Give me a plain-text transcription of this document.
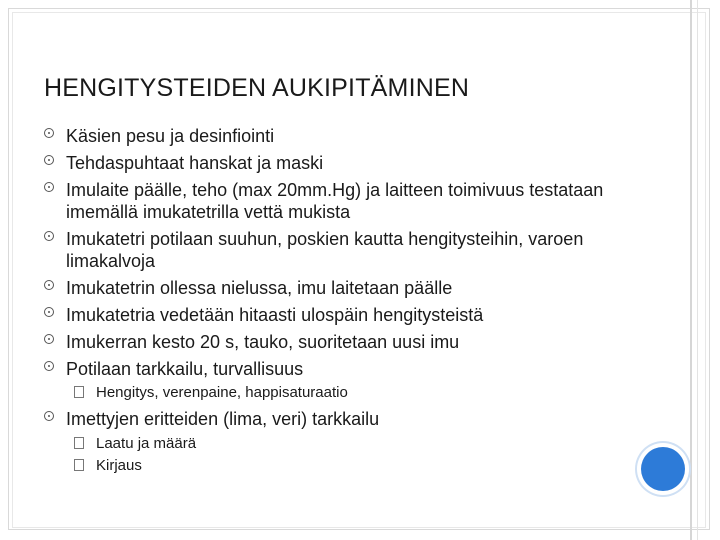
HENGITYSTEIDEN AUKIPITÄMINEN
Käsien pesu ja desinfiointi
Tehdaspuhtaat hanskat ja maski
Imulaite päälle, teho (max 20mm.Hg) ja laitteen toimivuus testataan imemällä imukatetrilla vettä mukista
Imukatetri potilaan suuhun, poskien kautta hengitysteihin, varoen limakalvoja
Imukatetrin ollessa nielussa, imu laitetaan päälle
Imukatetria vedetään hitaasti ulospäin hengitysteistä
Imukerran kesto 20 s, tauko, suoritetaan uusi imu
Potilaan tarkkailu, turvallisuus
Hengitys, verenpaine, happisaturaatio
Imettyjen eritteiden (lima, veri) tarkkailu
Laatu ja määrä
Kirjaus
